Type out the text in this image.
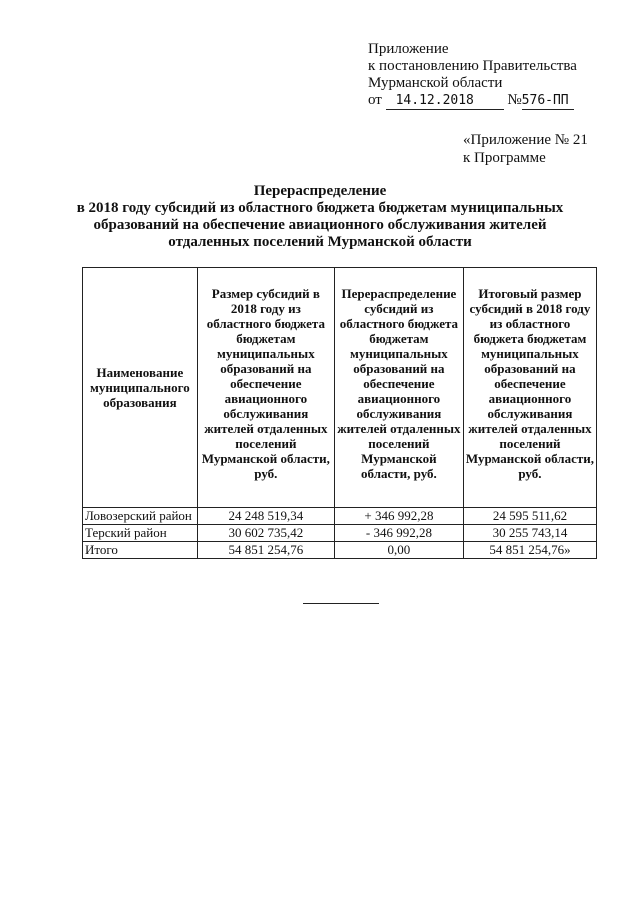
Приложение
к постановлению Правительства
Мурманской области
от 14.12.2018 №576-ПП
«Приложение № 21
к Программе
Перераспределение
в 2018 году субсидий из областного бюджета бюджетам муниципальных образований на обеспечение авиационного обслуживания жителей отдаленных поселений Мурманской области
Наименование муниципального образования	Размер субсидий в 2018 году из областного бюджета бюджетам муниципальных образований на обеспечение авиационного обслуживания жителей отдаленных поселений Мурманской области, руб.	Перераспределение субсидий из областного бюджета бюджетам муниципальных образований на обеспечение авиационного обслуживания жителей отдаленных поселений Мурманской области, руб.	Итоговый размер субсидий в 2018 году из областного бюджета бюджетам муниципальных образований на обеспечение авиационного обслуживания жителей отдаленных поселений Мурманской области, руб.
Ловозерский район	24 248 519,34	+ 346 992,28	24 595 511,62
Терский район	30 602 735,42	- 346 992,28	30 255 743,14
Итого	54 851 254,76	0,00	54 851 254,76»
